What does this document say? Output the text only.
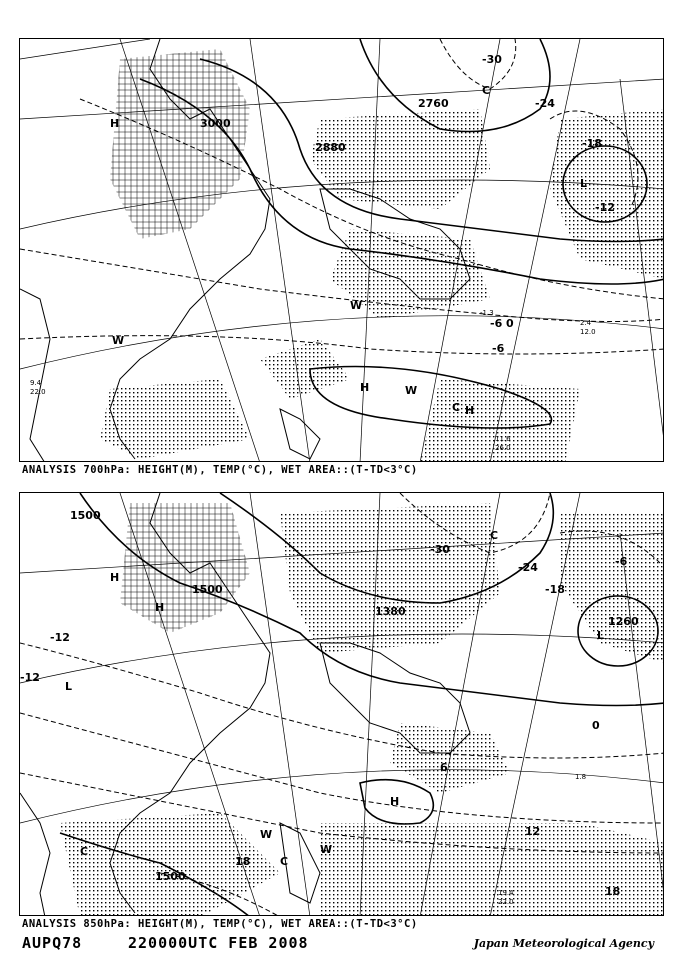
3000
2880
2760
-30
-24
-18
-12
-6 0
-6
H
H
H
L
W
W
W
C
C
11.6
26.0
-1.3
2.4
12.0
9.4
22.0
ANALYSIS 700hPa: HEIGHT(M), TEMP(°C), WET AREA::(T-TD<3°C)
1500
1500
1380
1260
1500
-12
-12
-18
-24
-30
-6
0
6
12
18
18
H
H
H
L
L
W
W
C
C
C
19.4
22.0
1.8
ANALYSIS 850hPa: HEIGHT(M), TEMP(°C), WET AREA::(T-TD<3°C)
AUPQ78	220000UTC FEB 2008	Japan Meteorological Agency
